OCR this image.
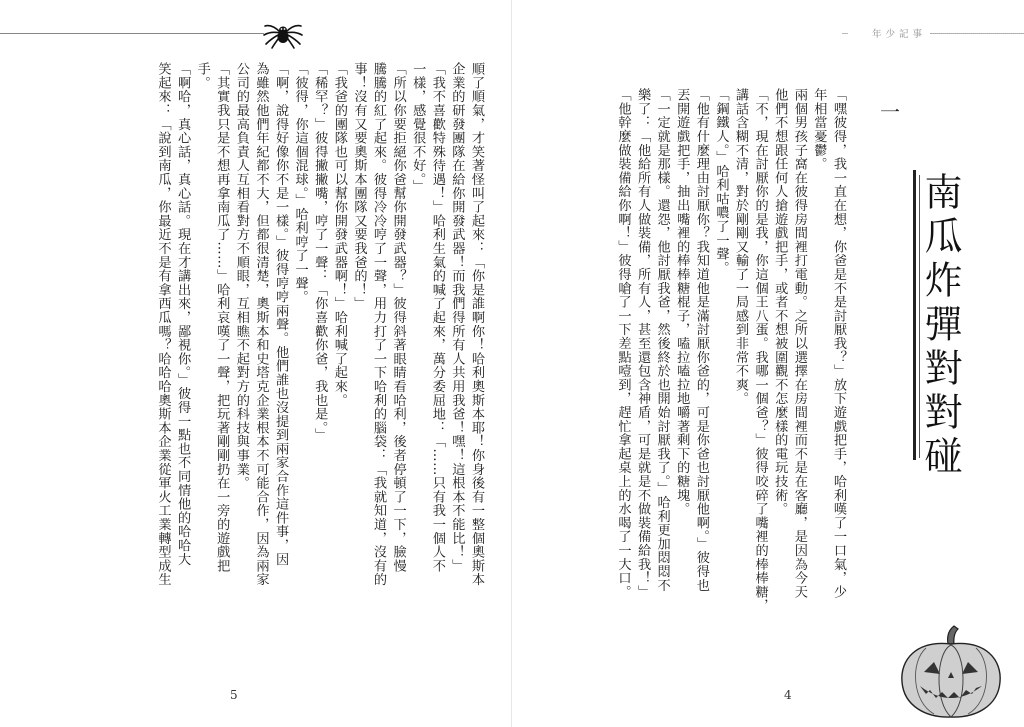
順了順氣，才笑著怪叫了起來：「你是誰啊你！哈利奧斯本耶！你身後有一整個奧斯本
企業的研發團隊在給你開發武器！而我們得所有人共用我爸！嘿！這根本不能比！」
「我不喜歡特殊待遇！」哈利生氣的喊了起來，萬分委屈地：「……只有我一個人不
一樣，感覺很不好。」
「所以你要拒絕你爸幫你開發武器？」彼得斜著眼睛看哈利，後者停頓了一下，臉慢
騰騰的紅了起來。彼得冷冷哼了一聲，用力打了一下哈利的腦袋：「我就知道，沒有的
事！沒有又要奧斯本團隊又要我爸的！」
「我爸的團隊也可以幫你開發武器啊！」哈利喊了起來。
「稀罕？」彼得撇撇嘴，哼了一聲：「你喜歡你爸，我也是。」
「彼得，你這個混球。」哈利哼了一聲。
「啊，說得好像你不是一樣。」彼得哼哼兩聲。他們誰也沒提到兩家合作這件事，因
為雖然他們年紀都不大，但都很清楚，奧斯本和史塔克企業根本不可能合作，因為兩家
公司的最高負責人互相看對方不順眼，互相瞧不起對方的科技與事業。
「其實我只是不想再拿南瓜了……」哈利哀嘆了一聲，把玩著剛剛扔在一旁的遊戲把
手。
「啊哈，真心話，真心話。現在才講出來，鄙視你。」彼得一點也不同情他的哈哈大
笑起來：「說到南瓜，你最近不是有拿西瓜嗎？哈哈哈奧斯本企業從軍火工業轉型成生
5
年少記事
一
南瓜炸彈對對碰
「嘿彼得，我一直在想，你爸是不是討厭我？」放下遊戲把手，哈利嘆了一口氣，少
年相當憂鬱。
兩個男孩子窩在彼得房間裡打電動。之所以選擇在房間裡而不是在客廳，是因為今天
他們不想跟任何人搶遊戲把手，或者不想被圍觀不怎麼樣的電玩技術。
「不，現在討厭你的是我，你這個王八蛋。我哪一個爸？」彼得咬碎了嘴裡的棒棒糖，
講話含糊不清，對於剛剛又輸了一局感到非常不爽。
「鋼鐵人。」哈利咕噥了一聲。
「他有什麼理由討厭你？我知道他是滿討厭你爸的，可是你爸也討厭他啊。」彼得也
丟開遊戲把手，抽出嘴裡的棒棒糖棍子，嗑拉嗑拉地嚼著剩下的糖塊。
「一定就是那樣。還怨，他討厭我爸，然後終於也開始討厭我了。」哈利更加悶悶不
樂了：「他給所有人做裝備，所有人，甚至還包含神盾，可是就是不做裝備給我！」
「他幹麼做裝備給你啊！」彼得嗆了一下差點噎到，趕忙拿起桌上的水喝了一大口。
4
